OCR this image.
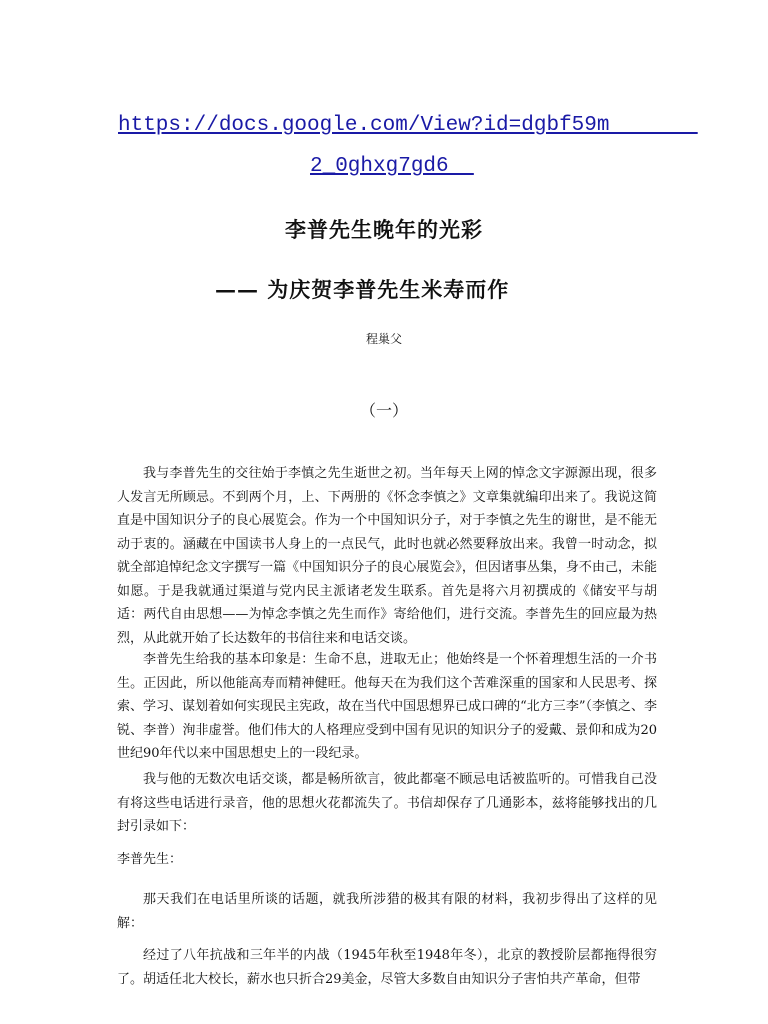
https://docs.google.com/View?id=dgbf59m
2_0ghxg7gd6
李普先生晚年的光彩
—— 为庆贺李普先生米寿而作
程巢父
（一）

我与李普先生的交往始于李慎之先生逝世之初。当年每天上网的悼念文字源源出现，很多人发言无所顾忌。不到两个月，上、下两册的《怀念李慎之》文章集就编印出来了。我说这简直是中国知识分子的良心展览会。作为一个中国知识分子，对于李慎之先生的谢世，是不能无动于衷的。涵藏在中国读书人身上的一点民气，此时也就必然要释放出来。我曾一时动念，拟就全部追悼纪念文字撰写一篇《中国知识分子的良心展览会》，但因诸事丛集，身不由己，未能如愿。于是我就通过渠道与党内民主派诸老发生联系。首先是将六月初撰成的《储安平与胡适：两代自由思想——为悼念李慎之先生而作》寄给他们，进行交流。李普先生的回应最为热烈，从此就开始了长达数年的书信往来和电话交谈。

李普先生给我的基本印象是：生命不息，进取无止；他始终是一个怀着理想生活的一介书生。正因此，所以他能高寿而精神健旺。他每天在为我们这个苦难深重的国家和人民思考、探索、学习、谋划着如何实现民主宪政，故在当代中国思想界已成口碑的“北方三李”（李慎之、李锐、李普）洵非虚誉。他们伟大的人格理应受到中国有见识的知识分子的爱戴、景仰和成为20世纪90年代以来中国思想史上的一段纪录。

我与他的无数次电话交谈，都是畅所欲言，彼此都毫不顾忌电话被监听的。可惜我自己没有将这些电话进行录音，他的思想火花都流失了。书信却保存了几通影本，兹将能够找出的几封引录如下：

李普先生：

那天我们在电话里所谈的话题，就我所涉猎的极其有限的材料，我初步得出了这样的见解：

经过了八年抗战和三年半的内战（1945年秋至1948年冬），北京的教授阶层都拖得很穷了。胡适任北大校长，薪水也只折合29美金，尽管大多数自由知识分子害怕共产革命，但带
